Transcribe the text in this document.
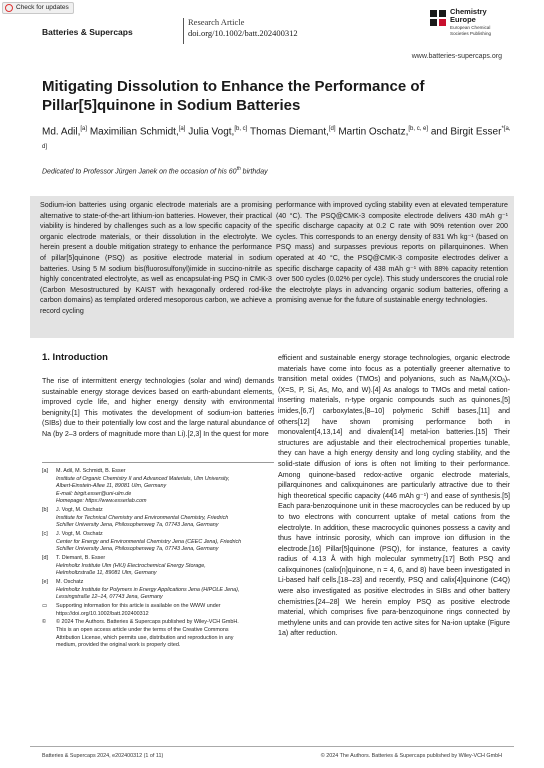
Check for updates
Batteries & Supercaps
Research Article
doi.org/10.1002/batt.202400312
Chemistry
Europe
European Chemical
Societies Publishing
www.batteries-supercaps.org
Mitigating Dissolution to Enhance the Performance of
Pillar[5]quinone in Sodium Batteries
Md. Adil,[a] Maximilian Schmidt,[a] Julia Vogt,[b, c] Thomas Diemant,[d] Martin Oschatz,[b, c, e] and Birgit Esser$^{*[a, d]}$
Dedicated to Professor Jürgen Janek on the occasion of his 60th birthday
Sodium-ion batteries using organic electrode materials are a promising alternative to state-of-the-art lithium-ion batteries. However, their practical viability is hindered by challenges such as a low specific capacity of the organic electrode materials, or their dissolution in the electrolyte. We herein present a double mitigation strategy to enhance the performance of pillar[5]quinone (PSQ) as positive electrode material in sodium batteries. Using 5 M sodium bis(fluorosulfonyl)imide in succino-nitrile as highly concentrated electrolyte, as well as encapsulat-ing PSQ in CMK-3 (Carbon Mesostructured by KAIST with hexagonally ordered rod-like carbon domains) as templated ordered mesoporous carbon, we achieve a record cycling
performance with improved cycling stability even at elevated temperature (40 °C). The PSQ@CMK-3 composite electrode delivers 430 mAh g⁻¹ specific discharge capacity at 0.2 C rate with 90% retention over 200 cycles. This corresponds to an energy density of 831 Wh kg⁻¹ (based on PSQ mass) and surpasses previous reports on pillarquinones. When operated at 40 °C, the PSQ@CMK-3 composite electrodes deliver a specific discharge capacity of 438 mAh g⁻¹ with 88% capacity retention over 500 cycles (0.02% per cycle). This study underscores the crucial role the electrolyte plays in advancing organic sodium batteries, offering a promising avenue for the future of sustainable energy technologies.
1. Introduction
The rise of intermittent energy technologies (solar and wind) demands sustainable energy storage devices based on earth-abundant elements, improved cycle life, and higher energy density with environmental benignity.[1] This motivates the development of sodium-ion batteries (SIBs) due to their potentially low cost and the large natural abundance of Na (by 2–3 orders of magnitude more than Li).[2,3] In the quest for more
efficient and sustainable energy storage technologies, organic electrode materials have come into focus as a potentially greener alternative to transition metal oxides (TMOs) and polyanions, such as NaₓMᵧ(XOₐ)ₙ (X=S, P, Si, As, Mo, and W).[4] As analogs to TMOs and metal cation-inserting materials, n-type organic compounds such as quinones,[5] imides,[6,7] carboxylates,[8–10] polymeric Schiff bases,[11] and others[12] have shown promising performance both in monovalent[4,13,14] and divalent[14] metal-ion batteries.[15] Their structures are adjustable and their electrochemical properties tunable, they can have a high energy density and long cycling stability, and the solid-state diffusion of ions is often not limiting to their performance. Among quinone-based redox-active organic electrode materials, pillarquinones and calixquinones are particularly attractive due to their high theoretical specific capacity (446 mAh g⁻¹) and ease of synthesis.[5] Each para-benzoquinone unit in these macrocycles can be reduced by up to two electrons with concurrent uptake of metal cations from the electrolyte. In addition, these macrocyclic quinones possess a cavity and thus have intrinsic porosity, which can improve ion diffusion in the electrode.[16] Pillar[5]quinone (PSQ), for instance, features a cavity radius of 4.13 Å with high molecular symmetry.[17] Both PSQ and calixquinones (calix[n]quinone, n = 4, 6, and 8) have been investigated in Li-based half cells,[18–23] and recently, PSQ and calix[4]quinone (C4Q) were also investigated as positive electrodes in SIBs and other battery chemistries.[24–28] We herein employ PSQ as positive electrode material, which comprises five para-benzoquinone rings connected by methylene units and can provide ten active sites for Na-ion uptake (Figure 1a) after reduction.
[a]	M. Adil, M. Schmidt, B. Esser
Institute of Organic Chemistry II and Advanced Materials, Ulm University,
Albert-Einstein-Allee 11, 89081 Ulm, Germany
E-mail: birgit.esser@uni-ulm.de
Homepage: https://www.esserlab.com
[b]	J. Vogt, M. Oschatz
Institute for Technical Chemistry and Environmental Chemistry, Friedrich
Schiller University Jena, Philosophenweg 7a, 07743 Jena, Germany
[c]	J. Vogt, M. Oschatz
Center for Energy and Environmental Chemistry Jena (CEEC Jena), Friedrich
Schiller University Jena, Philosophenweg 7a, 07743 Jena, Germany
[d]	T. Diemant, B. Esser
Helmholtz Institute Ulm (HIU) Electrochemical Energy Storage,
Helmholtzstraße 11, 89081 Ulm, Germany
[e]	M. Oschatz
Helmholtz Institute for Polymers in Energy Applications Jena (HIPOLE Jena),
Lessingstraße 12–14, 07743 Jena, Germany
▭	Supporting information for this article is available on the WWW under
https://doi.org/10.1002/batt.202400312
©	© 2024 The Authors. Batteries & Supercaps published by Wiley-VCH GmbH.
This is an open access article under the terms of the Creative Commons
Attribution License, which permits use, distribution and reproduction in any
medium, provided the original work is properly cited.
Batteries & Supercaps 2024, e202400312 (1 of 11)	© 2024 The Authors. Batteries & Supercaps published by Wiley-VCH GmbH
